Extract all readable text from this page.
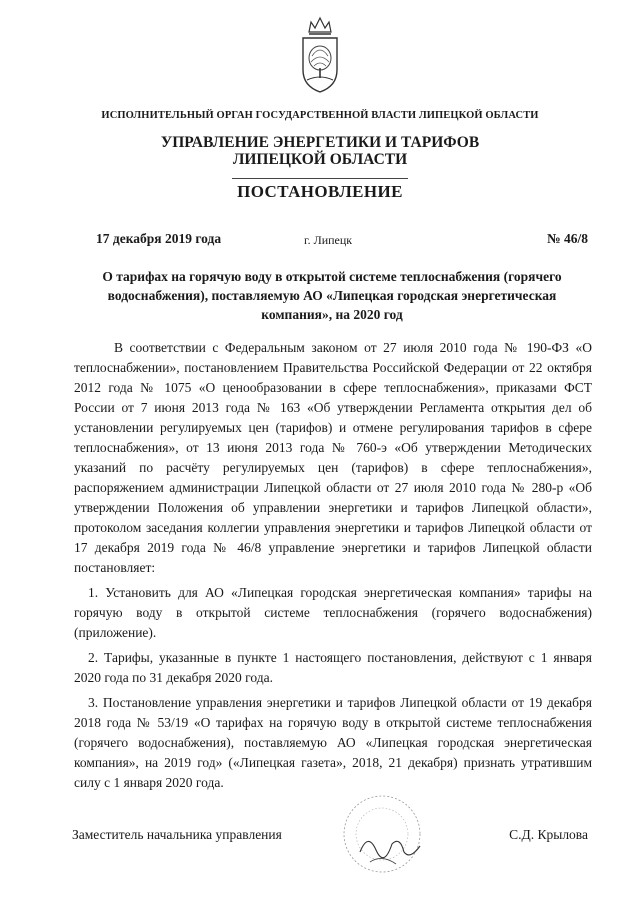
ИСПОЛНИТЕЛЬНЫЙ ОРГАН ГОСУДАРСТВЕННОЙ ВЛАСТИ ЛИПЕЦКОЙ ОБЛАСТИ
УПРАВЛЕНИЕ ЭНЕРГЕТИКИ И ТАРИФОВ
ЛИПЕЦКОЙ ОБЛАСТИ
ПОСТАНОВЛЕНИЕ
17 декабря 2019 года	г. Липецк	№ 46/8
О тарифах на горячую воду в открытой системе теплоснабжения (горячего водоснабжения), поставляемую АО «Липецкая городская энергетическая компания», на 2020 год

В соответствии с Федеральным законом от 27 июля 2010 года № 190-ФЗ «О теплоснабжении», постановлением Правительства Российской Федерации от 22 октября 2012 года № 1075 «О ценообразовании в сфере теплоснабжения», приказами ФСТ России от 7 июня 2013 года № 163 «Об утверждении Регламента открытия дел об установлении регулируемых цен (тарифов) и отмене регулирования тарифов в сфере теплоснабжения», от 13 июня 2013 года № 760-э «Об утверждении Методических указаний по расчёту регулируемых цен (тарифов) в сфере теплоснабжения», распоряжением администрации Липецкой области от 27 июля 2010 года № 280-р «Об утверждении Положения об управлении энергетики и тарифов Липецкой области», протоколом заседания коллегии управления энергетики и тарифов Липецкой области от 17 декабря 2019 года № 46/8 управление энергетики и тарифов Липецкой области постановляет:

1. Установить для АО «Липецкая городская энергетическая компания» тарифы на горячую воду в открытой системе теплоснабжения (горячего водоснабжения) (приложение).

2. Тарифы, указанные в пункте 1 настоящего постановления, действуют с 1 января 2020 года по 31 декабря 2020 года.

3. Постановление управления энергетики и тарифов Липецкой области от 19 декабря 2018 года № 53/19 «О тарифах на горячую воду в открытой системе теплоснабжения (горячего водоснабжения), поставляемую АО «Липецкая городская энергетическая компания», на 2019 год» («Липецкая газета», 2018, 21 декабря) признать утратившим силу с 1 января 2020 года.

Заместитель начальника управления	С.Д. Крылова
